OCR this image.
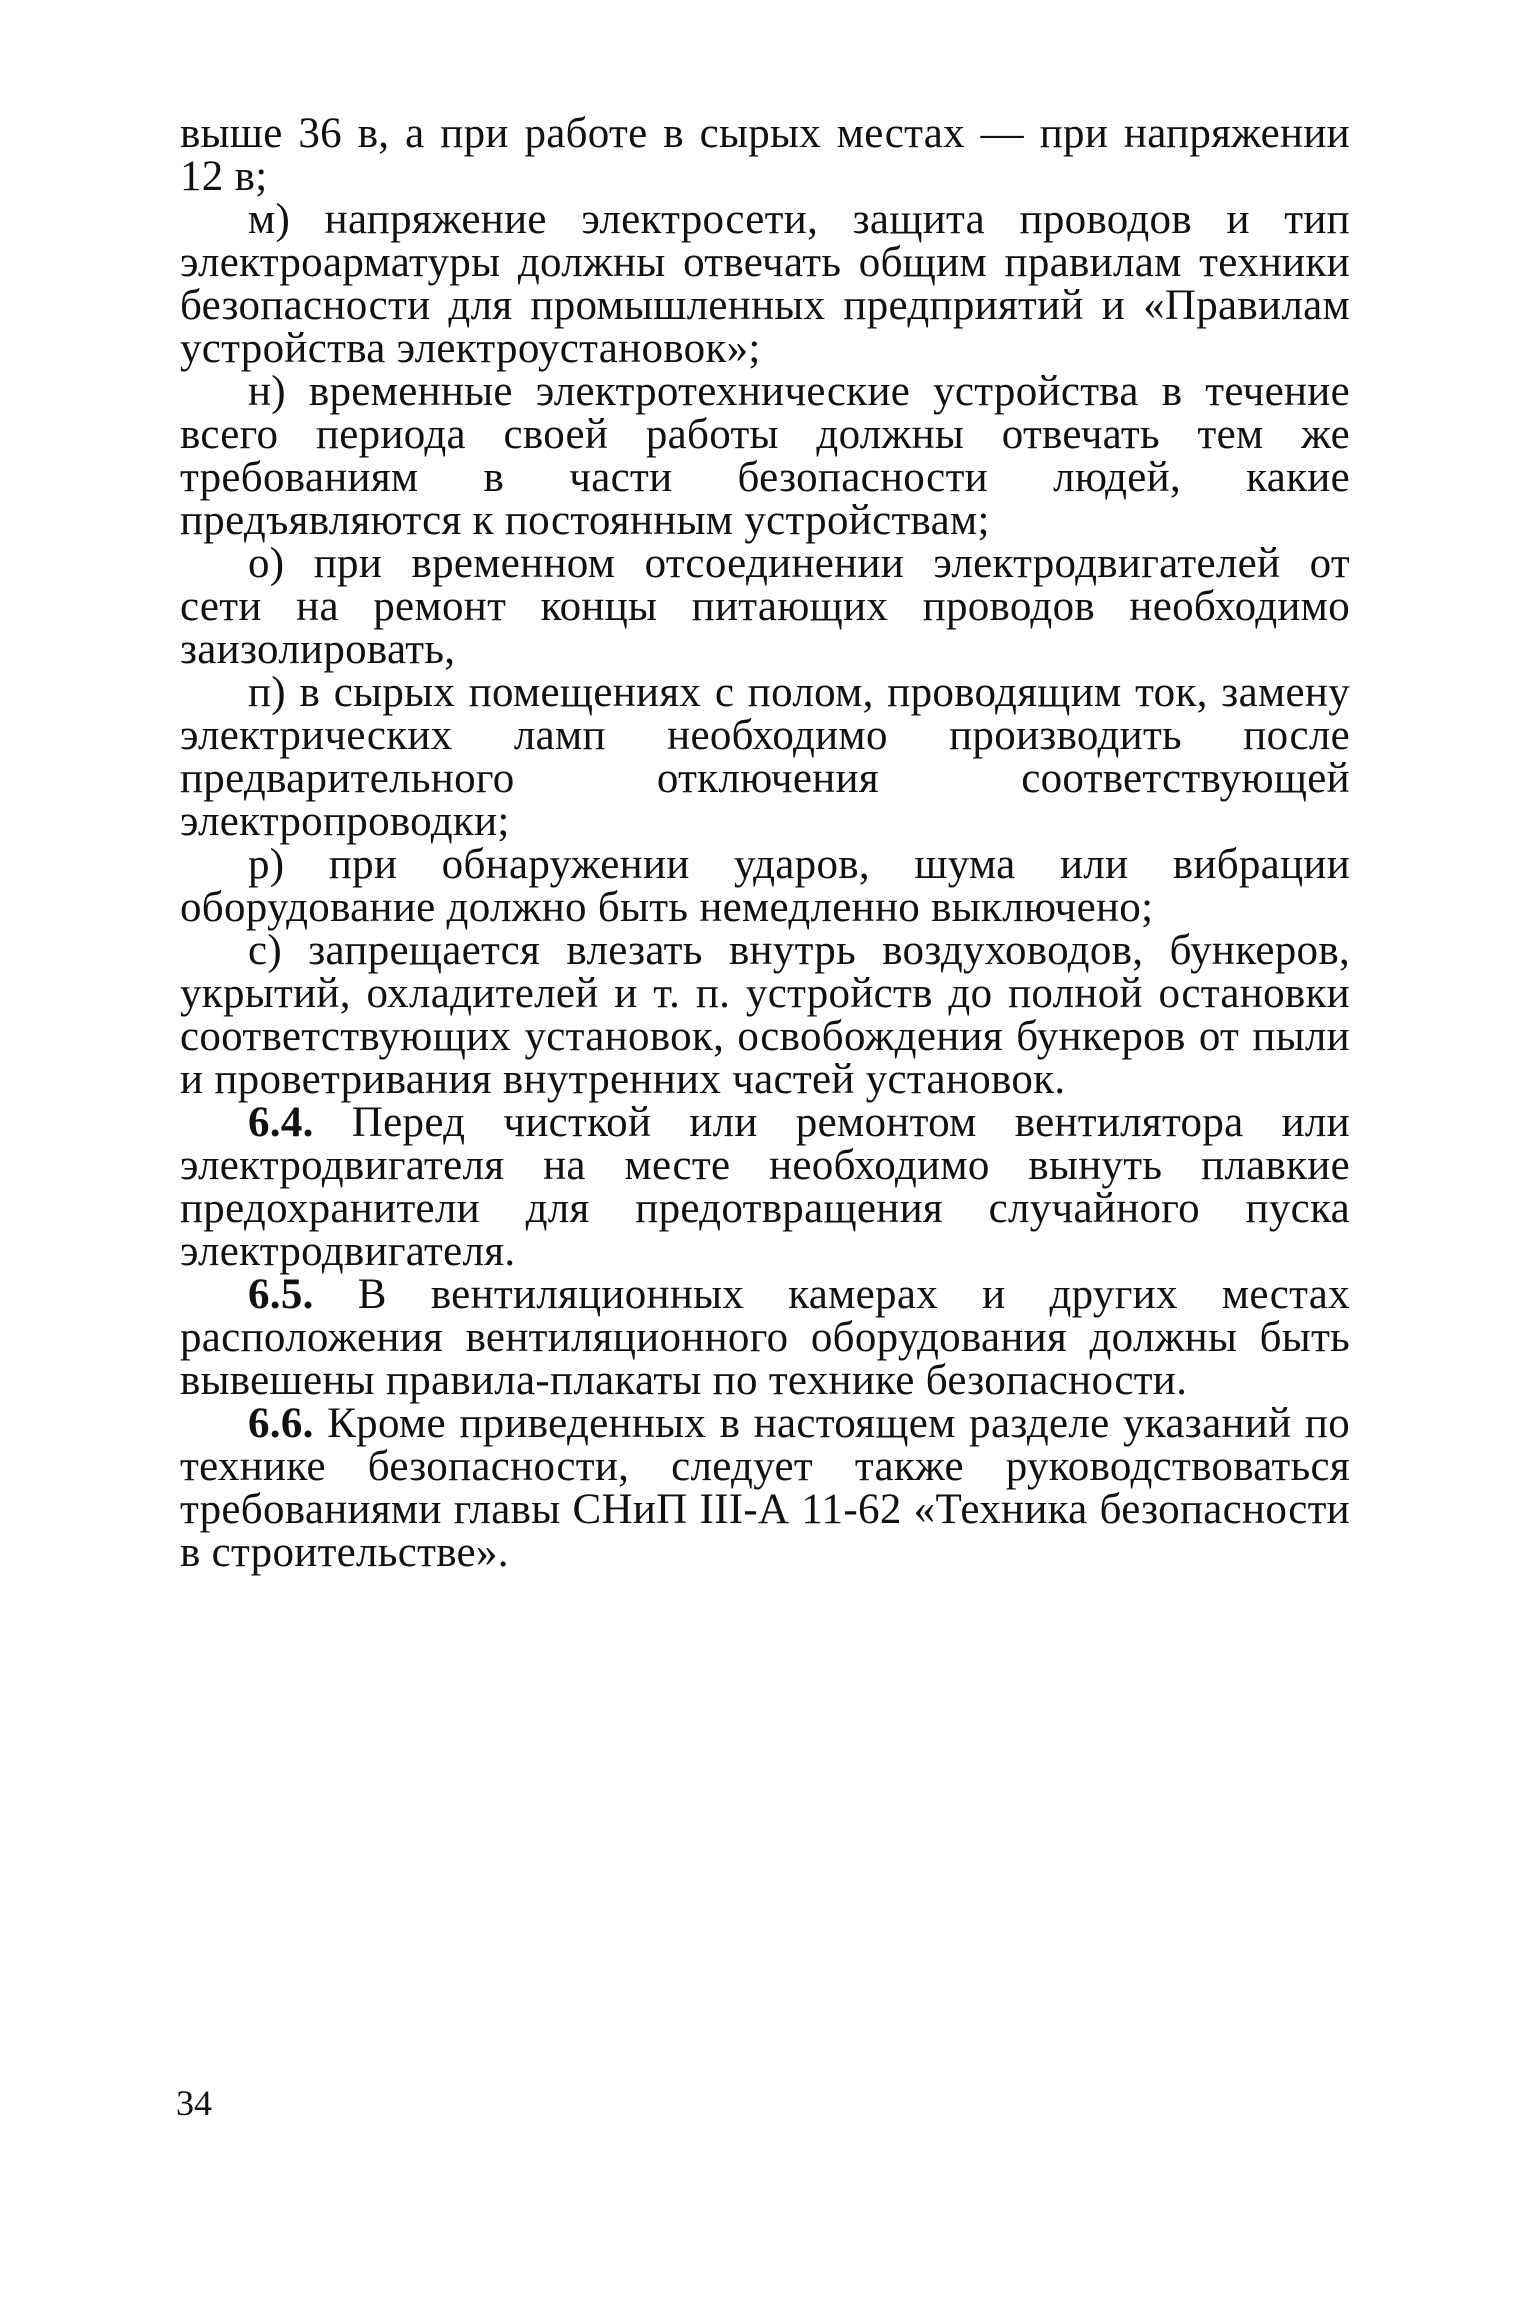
выше 36 в, а при работе в сырых местах — при напряжении 12 в;

м) напряжение электросети, защита проводов и тип электроарматуры должны отвечать общим правилам техники безопасности для промышленных предприятий и «Правилам устройства электроустановок»;

н) временные электротехнические устройства в течение всего периода своей работы должны отвечать тем же требованиям в части безопасности людей, какие предъявляются к постоянным устройствам;

о) при временном отсоединении электродвигателей от сети на ремонт концы питающих проводов необходимо заизолировать,

п) в сырых помещениях с полом, проводящим ток, замену электрических ламп необходимо производить после предварительного отключения соответствующей электропроводки;

р) при обнаружении ударов, шума или вибрации оборудование должно быть немедленно выключено;

с) запрещается влезать внутрь воздуховодов, бункеров, укрытий, охладителей и т. п. устройств до полной остановки соответствующих установок, освобождения бункеров от пыли и проветривания внутренних частей установок.

6.4. Перед чисткой или ремонтом вентилятора или электродвигателя на месте необходимо вынуть плавкие предохранители для предотвращения случайного пуска электродвигателя.

6.5. В вентиляционных камерах и других местах расположения вентиляционного оборудования должны быть вывешены правила-плакаты по технике безопасности.

6.6. Кроме приведенных в настоящем разделе указаний по технике безопасности, следует также руководствоваться требованиями главы СНиП III-А 11-62 «Техника безопасности в строительстве».

34
